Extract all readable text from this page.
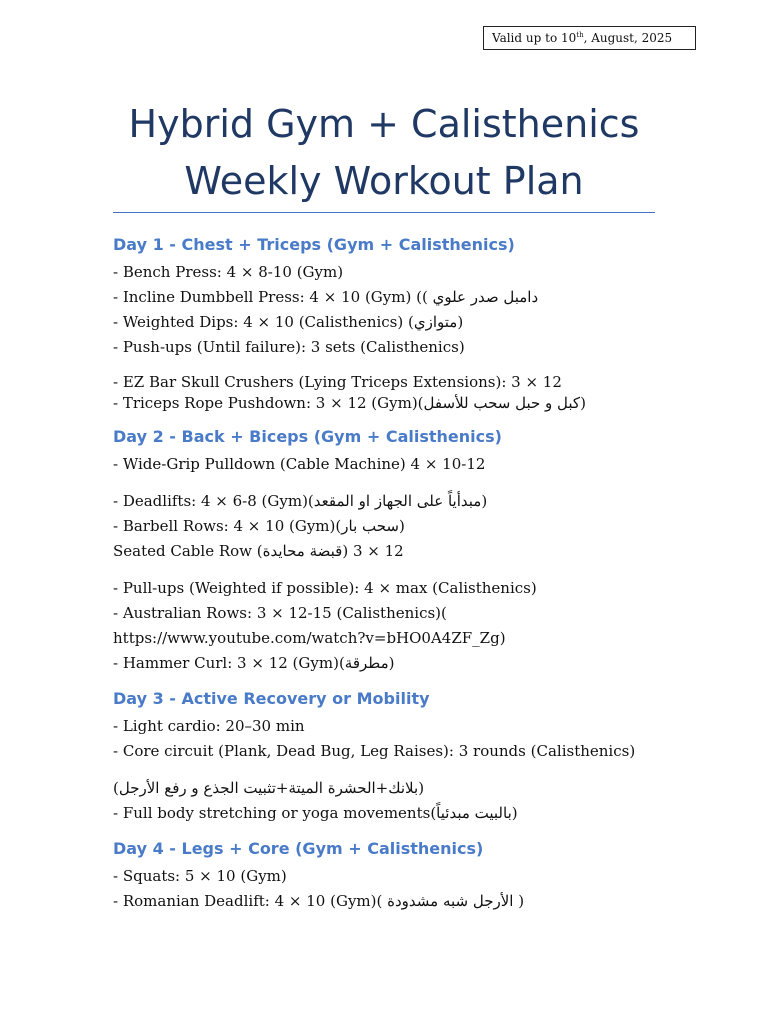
Valid up to 10th, August, 2025
Hybrid Gym + Calisthenics
Weekly Workout Plan
Day 1 - Chest + Triceps (Gym + Calisthenics)

- Bench Press: 4 × 8-10 (Gym)

- Incline Dumbbell Press: 4 × 10 (Gym) (( دامبل صدر علوي

- Weighted Dips: 4 × 10 (Calisthenics) (متوازي)

- Push-ups (Until failure): 3 sets (Calisthenics)

- EZ Bar Skull Crushers (Lying Triceps Extensions): 3 × 12

- Triceps Rope Pushdown: 3 × 12 (Gym)(كبل و حبل سحب للأسفل)

Day 2 - Back + Biceps (Gym + Calisthenics)

- Wide-Grip Pulldown (Cable Machine) 4 × 10-12

- Deadlifts: 4 × 6-8 (Gym)(مبدأياً على الجهاز او المقعد)

- Barbell Rows: 4 × 10 (Gym)(سحب بار)

Seated Cable Row (قبضة محايدة) 12 × 3

- Pull-ups (Weighted if possible): 4 × max (Calisthenics)

- Australian Rows: 3 × 12-15 (Calisthenics)(

https://www.youtube.com/watch?v=bHO0A4ZF_Zg)

- Hammer Curl: 3 × 12 (Gym)(مطرقة)

Day 3 - Active Recovery or Mobility

- Light cardio: 20–30 min

- Core circuit (Plank, Dead Bug, Leg Raises): 3 rounds (Calisthenics)

(بلانك+الحشرة الميتة+تثبيت الجذع و رفع الأرجل)

- Full body stretching or yoga movements(بالبيت مبدئياً)

Day 4 - Legs + Core (Gym + Calisthenics)

- Squats: 5 × 10 (Gym)

- Romanian Deadlift: 4 × 10 (Gym)( الأرجل شبه مشدودة )
